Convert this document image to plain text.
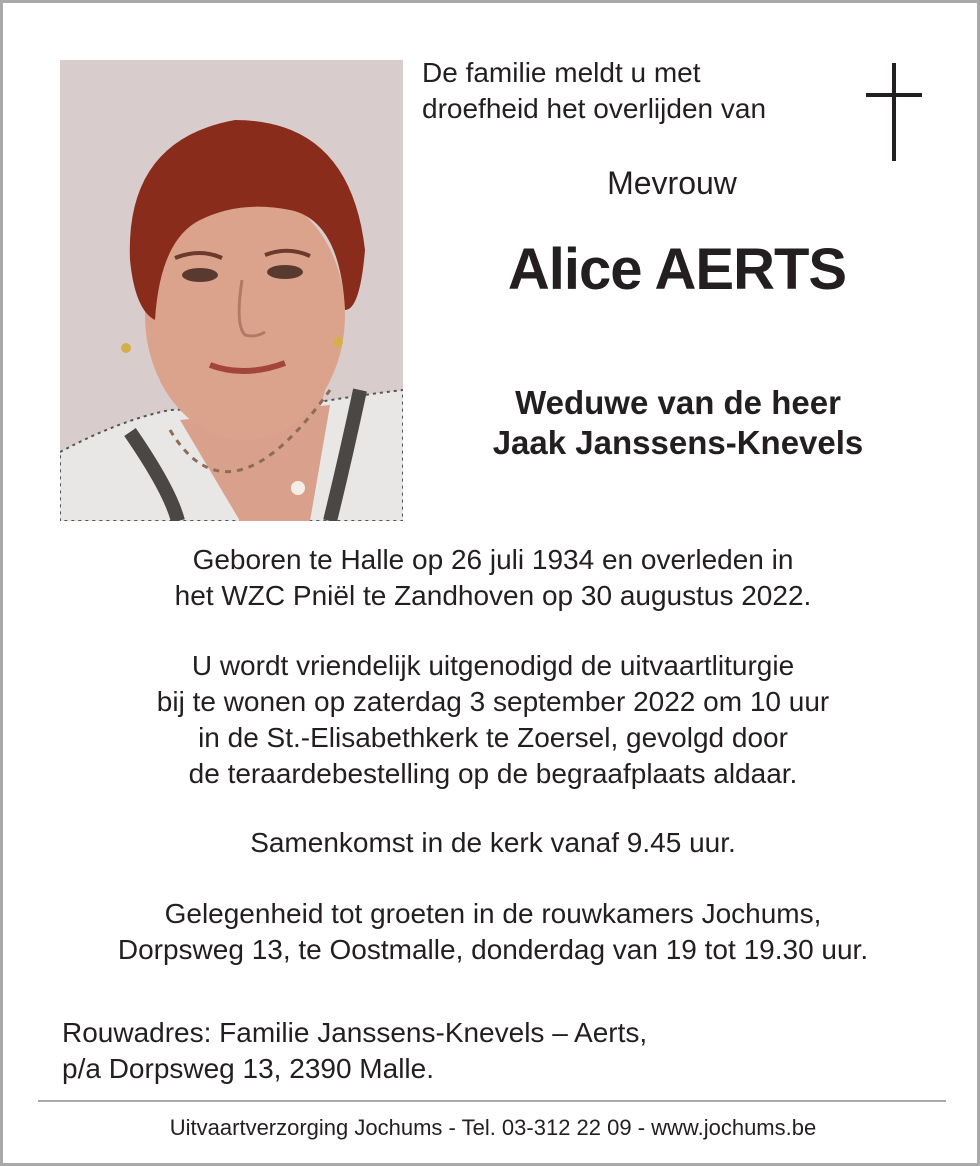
De familie meldt u met
droefheid het overlijden van
Mevrouw
Alice AERTS
Weduwe van de heer
Jaak Janssens-Knevels
Geboren te Halle op 26 juli 1934 en overleden in
het WZC Pniël te Zandhoven op 30 augustus 2022.
U wordt vriendelijk uitgenodigd de uitvaartliturgie
bij te wonen op zaterdag 3 september 2022 om 10 uur
in de St.-Elisabethkerk te Zoersel, gevolgd door
de teraardebestelling op de begraafplaats aldaar.
Samenkomst in de kerk vanaf 9.45 uur.
Gelegenheid tot groeten in de rouwkamers Jochums,
Dorpsweg 13, te Oostmalle, donderdag van 19 tot 19.30 uur.
Rouwadres: Familie Janssens-Knevels – Aerts,
p/a Dorpsweg 13, 2390 Malle.
Uitvaartverzorging Jochums - Tel. 03-312 22 09 - www.jochums.be
